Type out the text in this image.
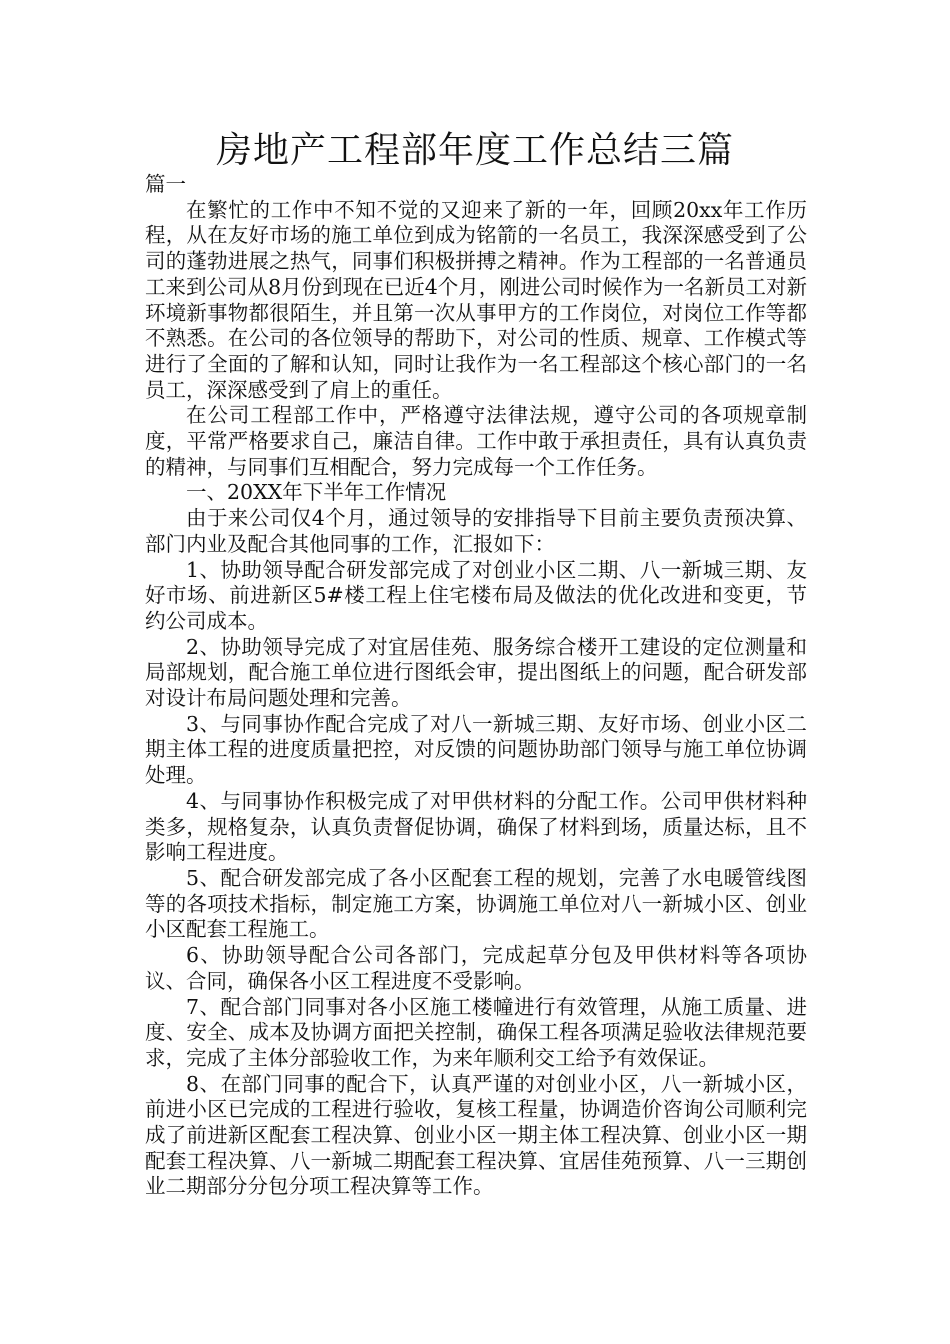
房地产工程部年度工作总结三篇

篇一

在繁忙的工作中不知不觉的又迎来了新的一年，回顾20xx年工作历程，从在友好市场的施工单位到成为铭箭的一名员工，我深深感受到了公司的蓬勃进展之热气，同事们积极拼搏之精神。作为工程部的一名普通员工来到公司从8月份到现在已近4个月，刚进公司时候作为一名新员工对新环境新事物都很陌生，并且第一次从事甲方的工作岗位，对岗位工作等都不熟悉。在公司的各位领导的帮助下，对公司的性质、规章、工作模式等进行了全面的了解和认知，同时让我作为一名工程部这个核心部门的一名员工，深深感受到了肩上的重任。

在公司工程部工作中，严格遵守法律法规，遵守公司的各项规章制度，平常严格要求自己，廉洁自律。工作中敢于承担责任，具有认真负责的精神，与同事们互相配合，努力完成每一个工作任务。

一、20XX年下半年工作情况

由于来公司仅4个月，通过领导的安排指导下目前主要负责预决算、部门内业及配合其他同事的工作，汇报如下：

1、协助领导配合研发部完成了对创业小区二期、八一新城三期、友好市场、前进新区5#楼工程上住宅楼布局及做法的优化改进和变更，节约公司成本。

2、协助领导完成了对宜居佳苑、服务综合楼开工建设的定位测量和局部规划，配合施工单位进行图纸会审，提出图纸上的问题，配合研发部对设计布局问题处理和完善。

3、与同事协作配合完成了对八一新城三期、友好市场、创业小区二期主体工程的进度质量把控，对反馈的问题协助部门领导与施工单位协调处理。

4、与同事协作积极完成了对甲供材料的分配工作。公司甲供材料种类多，规格复杂，认真负责督促协调，确保了材料到场，质量达标，且不影响工程进度。

5、配合研发部完成了各小区配套工程的规划，完善了水电暖管线图等的各项技术指标，制定施工方案，协调施工单位对八一新城小区、创业小区配套工程施工。

6、协助领导配合公司各部门，完成起草分包及甲供材料等各项协议、合同，确保各小区工程进度不受影响。

7、配合部门同事对各小区施工楼幢进行有效管理，从施工质量、进度、安全、成本及协调方面把关控制，确保工程各项满足验收法律规范要求，完成了主体分部验收工作，为来年顺利交工给予有效保证。

8、在部门同事的配合下，认真严谨的对创业小区，八一新城小区，前进小区已完成的工程进行验收，复核工程量，协调造价咨询公司顺利完成了前进新区配套工程决算、创业小区一期主体工程决算、创业小区一期配套工程决算、八一新城二期配套工程决算、宜居佳苑预算、八一三期创业二期部分分包分项工程决算等工作。
